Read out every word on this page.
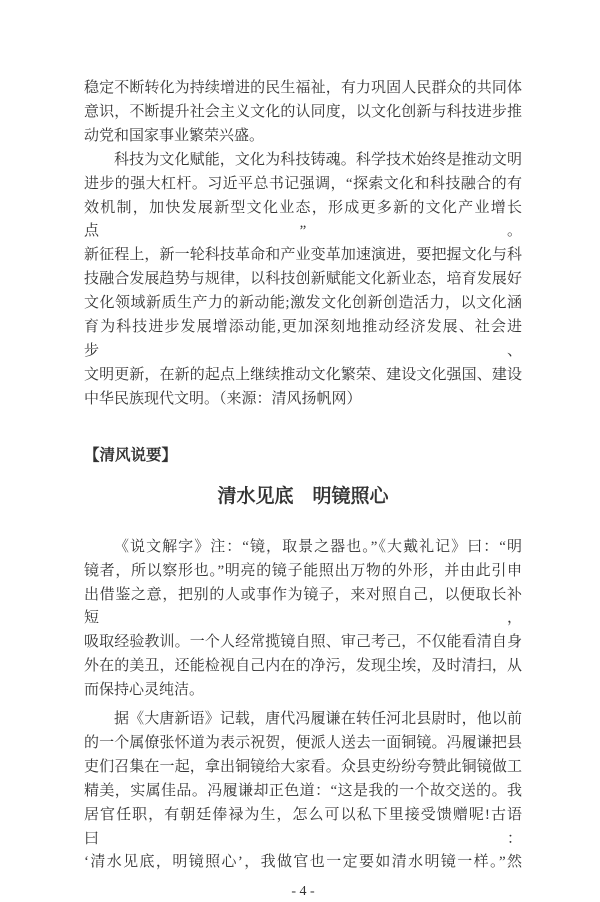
稳定不断转化为持续增进的民生福祉，有力巩固人民群众的共同体
意识，不断提升社会主义文化的认同度，以文化创新与科技进步推
动党和国家事业繁荣兴盛。
科技为文化赋能，文化为科技铸魂。科学技术始终是推动文明
进步的强大杠杆。习近平总书记强调，“探索文化和科技融合的有
效机制，加快发展新型文化业态，形成更多新的文化产业增长点”。
新征程上，新一轮科技革命和产业变革加速演进，要把握文化与科
技融合发展趋势与规律，以科技创新赋能文化新业态，培育发展好
文化领域新质生产力的新动能;激发文化创新创造活力，以文化涵
育为科技进步发展增添动能,更加深刻地推动经济发展、社会进步、
文明更新，在新的起点上继续推动文化繁荣、建设文化强国、建设
中华民族现代文明。（来源：清风扬帆网）
【清风说要】
清水见底　明镜照心
《说文解字》注：“镜，取景之器也。”《大戴礼记》曰：“明
镜者，所以察形也。”明亮的镜子能照出万物的外形，并由此引申
出借鉴之意，把别的人或事作为镜子，来对照自己，以便取长补短，
吸取经验教训。一个人经常揽镜自照、审己考己，不仅能看清自身
外在的美丑，还能检视自己内在的净污，发现尘埃，及时清扫，从
而保持心灵纯洁。
据《大唐新语》记载，唐代冯履谦在转任河北县尉时，他以前
的一个属僚张怀道为表示祝贺，便派人送去一面铜镜。冯履谦把县
吏们召集在一起，拿出铜镜给大家看。众县吏纷纷夸赞此铜镜做工
精美，实属佳品。冯履谦却正色道：“这是我的一个故交送的。我
居官任职，有朝廷俸禄为生，怎么可以私下里接受馈赠呢!古语曰：
‘清水见底，明镜照心’，我做官也一定要如清水明镜一样。”然
- 4 -
